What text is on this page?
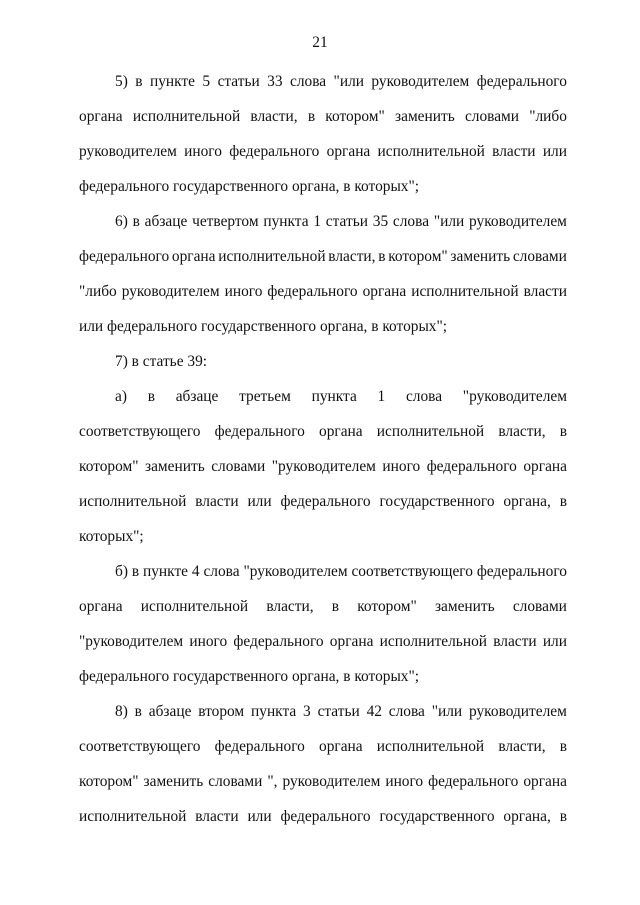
21
5) в пункте 5 статьи 33 слова "или руководителем федерального
органа исполнительной власти, в котором" заменить словами "либо
руководителем иного федерального органа исполнительной власти или
федерального государственного органа, в которых";
6) в абзаце четвертом пункта 1 статьи 35 слова "или руководителем
федерального органа исполнительной власти, в котором" заменить словами
"либо руководителем иного федерального органа исполнительной власти
или федерального государственного органа, в которых";
7) в статье 39:
а) в абзаце третьем пункта 1 слова "руководителем
соответствующего федерального органа исполнительной власти, в
котором" заменить словами "руководителем иного федерального органа
исполнительной власти или федерального государственного органа, в
которых";
б) в пункте 4 слова "руководителем соответствующего федерального
органа исполнительной власти, в котором" заменить словами
"руководителем иного федерального органа исполнительной власти или
федерального государственного органа, в которых";
8) в абзаце втором пункта 3 статьи 42 слова "или руководителем
соответствующего федерального органа исполнительной власти, в
котором" заменить словами ", руководителем иного федерального органа
исполнительной власти или федерального государственного органа, в
